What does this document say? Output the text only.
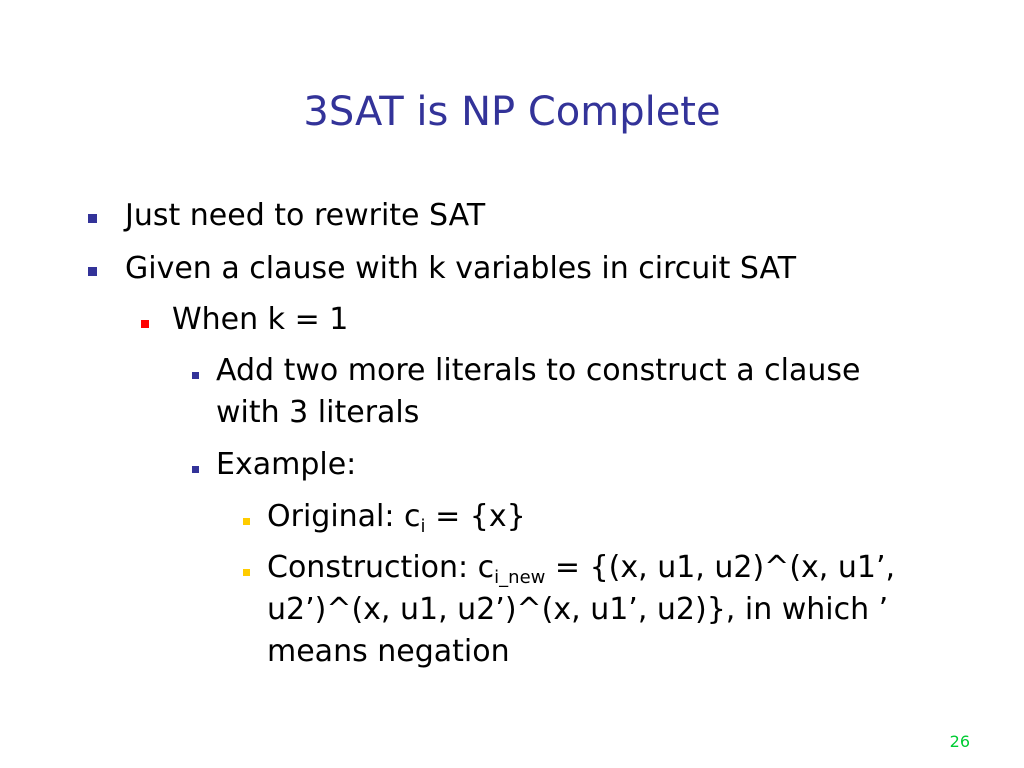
3SAT is NP Complete
Just need to rewrite SAT
Given a clause with k variables in circuit SAT
When k = 1
Add two more literals to construct a clause
with 3 literals
Example:
Original: $c_i = \{x\}$
Construction: $c_{i\_new} = \{(x$, u1, u2)^(x, u1’,
u2’)^(x, u1, u2’)^(x, u1’, u2)}, in which ’
means negation
26
